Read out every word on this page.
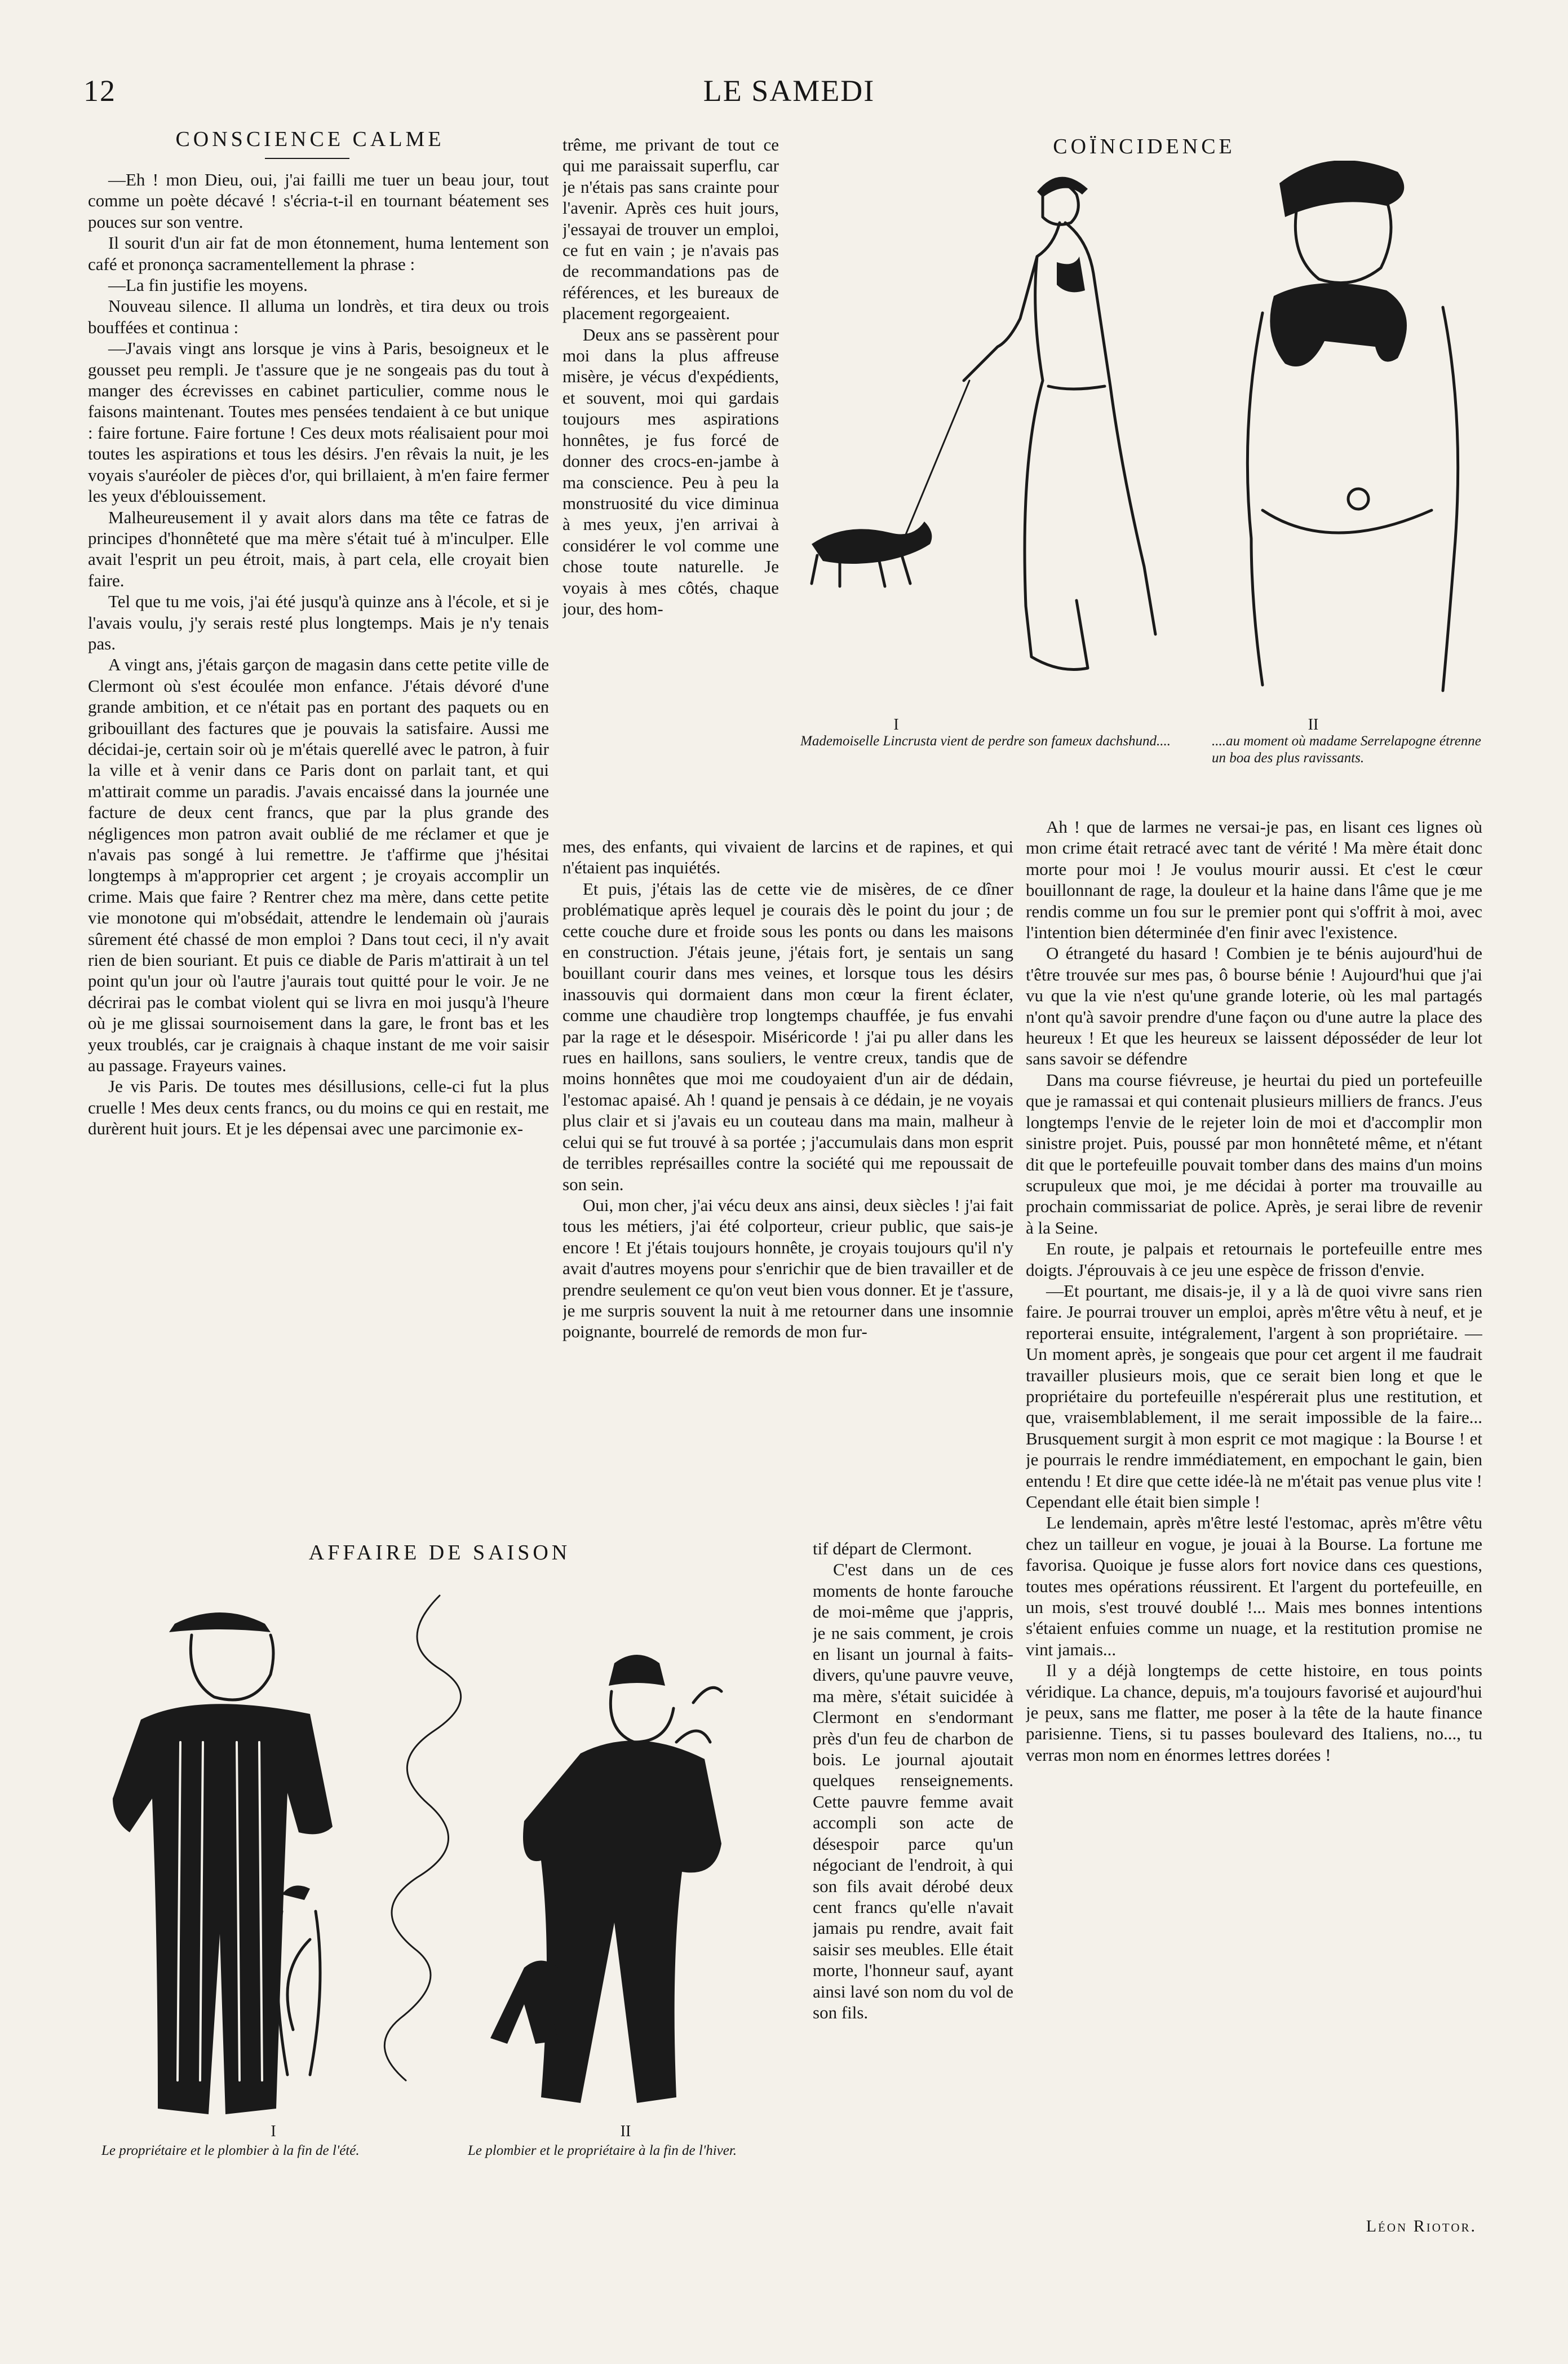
12	LE SAMEDI
CONSCIENCE CALME

—Eh ! mon Dieu, oui, j'ai failli me tuer un beau jour, tout comme un poète décavé ! s'écria-t-il en tournant béatement ses pouces sur son ventre.

Il sourit d'un air fat de mon étonnement, huma lentement son café et prononça sacramentellement la phrase :

—La fin justifie les moyens.

Nouveau silence. Il alluma un londrès, et tira deux ou trois bouffées et continua :

—J'avais vingt ans lorsque je vins à Paris, besoigneux et le gousset peu rempli. Je t'assure que je ne songeais pas du tout à manger des écrevisses en cabinet particulier, comme nous le faisons maintenant. Toutes mes pensées tendaient à ce but unique : faire fortune. Faire fortune ! Ces deux mots réalisaient pour moi toutes les aspirations et tous les désirs. J'en rêvais la nuit, je les voyais s'auréoler de pièces d'or, qui brillaient, à m'en faire fermer les yeux d'éblouissement.

Malheureusement il y avait alors dans ma tête ce fatras de principes d'honnêteté que ma mère s'était tué à m'inculper. Elle avait l'esprit un peu étroit, mais, à part cela, elle croyait bien faire.

Tel que tu me vois, j'ai été jusqu'à quinze ans à l'école, et si je l'avais voulu, j'y serais resté plus longtemps. Mais je n'y tenais pas.

A vingt ans, j'étais garçon de magasin dans cette petite ville de Clermont où s'est écoulée mon enfance. J'étais dévoré d'une grande ambition, et ce n'était pas en portant des paquets ou en gribouillant des factures que je pouvais la satisfaire. Aussi me décidai-je, certain soir où je m'étais querellé avec le patron, à fuir la ville et à venir dans ce Paris dont on parlait tant, et qui m'attirait comme un paradis. J'avais encaissé dans la journée une facture de deux cent francs, que par la plus grande des négligences mon patron avait oublié de me réclamer et que je n'avais pas songé à lui remettre. Je t'affirme que j'hésitai longtemps à m'approprier cet argent ; je croyais accomplir un crime. Mais que faire ? Rentrer chez ma mère, dans cette petite vie monotone qui m'obsédait, attendre le lendemain où j'aurais sûrement été chassé de mon emploi ? Dans tout ceci, il n'y avait rien de bien souriant. Et puis ce diable de Paris m'attirait à un tel point qu'un jour où l'autre j'aurais tout quitté pour le voir. Je ne décrirai pas le combat violent qui se livra en moi jusqu'à l'heure où je me glissai sournoisement dans la gare, le front bas et les yeux troublés, car je craignais à chaque instant de me voir saisir au passage. Frayeurs vaines.

Je vis Paris. De toutes mes désillusions, celle-ci fut la plus cruelle ! Mes deux cents francs, ou du moins ce qui en restait, me durèrent huit jours. Et je les dépensai avec une parcimonie ex-

trême, me privant de tout ce qui me paraissait superflu, car je n'étais pas sans crainte pour l'avenir. Après ces huit jours, j'essayai de trouver un emploi, ce fut en vain ; je n'avais pas de recommandations pas de références, et les bureaux de placement regorgeaient.

Deux ans se passèrent pour moi dans la plus affreuse misère, je vécus d'expédients, et souvent, moi qui gardais toujours mes aspirations honnêtes, je fus forcé de donner des crocs-en-jambe à ma conscience. Peu à peu la monstruosité du vice diminua à mes yeux, j'en arrivai à considérer le vol comme une chose toute naturelle. Je voyais à mes côtés, chaque jour, des hom-

mes, des enfants, qui vivaient de larcins et de rapines, et qui n'étaient pas inquiétés.

Et puis, j'étais las de cette vie de misères, de ce dîner problématique après lequel je courais dès le point du jour ; de cette couche dure et froide sous les ponts ou dans les maisons en construction. J'étais jeune, j'étais fort, je sentais un sang bouillant courir dans mes veines, et lorsque tous les désirs inassouvis qui dormaient dans mon cœur la firent éclater, comme une chaudière trop longtemps chauffée, je fus envahi par la rage et le désespoir. Miséricorde ! j'ai pu aller dans les rues en haillons, sans souliers, le ventre creux, tandis que de moins honnêtes que moi me coudoyaient d'un air de dédain, l'estomac apaisé. Ah ! quand je pensais à ce dédain, je ne voyais plus clair et si j'avais eu un couteau dans ma main, malheur à celui qui se fut trouvé à sa portée ; j'accumulais dans mon esprit de terribles représailles contre la société qui me repoussait de son sein.

Oui, mon cher, j'ai vécu deux ans ainsi, deux siècles ! j'ai fait tous les métiers, j'ai été colporteur, crieur public, que sais-je encore ! Et j'étais toujours honnête, je croyais toujours qu'il n'y avait d'autres moyens pour s'enrichir que de bien travailler et de prendre seulement ce qu'on veut bien vous donner. Et je t'assure, je me surpris souvent la nuit à me retourner dans une insomnie poignante, bourrelé de remords de mon fur-

tif départ de Clermont.

C'est dans un de ces moments de honte farouche de moi-même que j'appris, je ne sais comment, je crois en lisant un journal à faits-divers, qu'une pauvre veuve, ma mère, s'était suicidée à Clermont en s'endormant près d'un feu de charbon de bois. Le journal ajoutait quelques renseignements. Cette pauvre femme avait accompli son acte de désespoir parce qu'un négociant de l'endroit, à qui son fils avait dérobé deux cent francs qu'elle n'avait jamais pu rendre, avait fait saisir ses meubles. Elle était morte, l'honneur sauf, ayant ainsi lavé son nom du vol de son fils.

Ah ! que de larmes ne versai-je pas, en lisant ces lignes où mon crime était retracé avec tant de vérité ! Ma mère était donc morte pour moi ! Je voulus mourir aussi. Et c'est le cœur bouillonnant de rage, la douleur et la haine dans l'âme que je me rendis comme un fou sur le premier pont qui s'offrit à moi, avec l'intention bien déterminée d'en finir avec l'existence.

O étrangeté du hasard ! Combien je te bénis aujourd'hui de t'être trouvée sur mes pas, ô bourse bénie ! Aujourd'hui que j'ai vu que la vie n'est qu'une grande loterie, où les mal partagés n'ont qu'à savoir prendre d'une façon ou d'une autre la place des heureux ! Et que les heureux se laissent déposséder de leur lot sans savoir se défendre

Dans ma course fiévreuse, je heurtai du pied un portefeuille que je ramassai et qui contenait plusieurs milliers de francs. J'eus longtemps l'envie de le rejeter loin de moi et d'accomplir mon sinistre projet. Puis, poussé par mon honnêteté même, et n'étant dit que le portefeuille pouvait tomber dans des mains d'un moins scrupuleux que moi, je me décidai à porter ma trouvaille au prochain commissariat de police. Après, je serai libre de revenir à la Seine.

En route, je palpais et retournais le portefeuille entre mes doigts. J'éprouvais à ce jeu une espèce de frisson d'envie.

—Et pourtant, me disais-je, il y a là de quoi vivre sans rien faire. Je pourrai trouver un emploi, après m'être vêtu à neuf, et je reporterai ensuite, intégralement, l'argent à son propriétaire. — Un moment après, je songeais que pour cet argent il me faudrait travailler plusieurs mois, que ce serait bien long et que le propriétaire du portefeuille n'espérerait plus une restitution, et que, vraisemblablement, il me serait impossible de la faire... Brusquement surgit à mon esprit ce mot magique : la Bourse ! et je pourrais le rendre immédiatement, en empochant le gain, bien entendu ! Et dire que cette idée-là ne m'était pas venue plus vite ! Cependant elle était bien simple !

Le lendemain, après m'être lesté l'estomac, après m'être vêtu chez un tailleur en vogue, je jouai à la Bourse. La fortune me favorisa. Quoique je fusse alors fort novice dans ces questions, toutes mes opérations réussirent. Et l'argent du portefeuille, en un mois, s'est trouvé doublé !... Mais mes bonnes intentions s'étaient enfuies comme un nuage, et la restitution promise ne vint jamais...

Il y a déjà longtemps de cette histoire, en tous points véridique. La chance, depuis, m'a toujours favorisé et aujourd'hui je peux, sans me flatter, me poser à la tête de la haute finance parisienne. Tiens, si tu passes boulevard des Italiens, no..., tu verras mon nom en énormes lettres dorées !

Léon Riotor.
COÏNCIDENCE
I	II
Mademoiselle Lincrusta vient de perdre son fameux dachshund....	....au moment où madame Serrelapogne étrenne un boa des plus ravissants.
AFFAIRE DE SAISON
I	II
Le propriétaire et le plombier à la fin de l'été.	Le plombier et le propriétaire à la fin de l'hiver.
